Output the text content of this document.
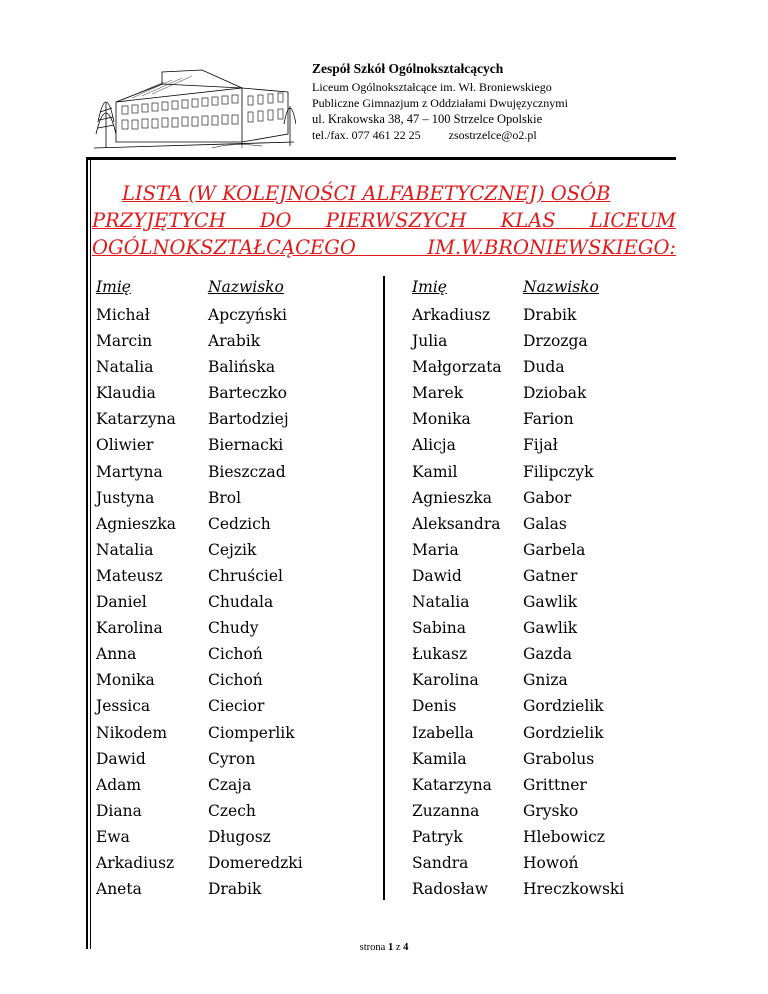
Zespół Szkół Ogólnokształcących
Liceum Ogólnokształcące im. Wł. Broniewskiego
Publiczne Gimnazjum z Oddziałami Dwujęzycznymi
ul. Krakowska 38, 47 – 100 Strzelce Opolskie
tel./fax. 077 461 22 25 zsostrzelce@o2.pl
LISTA (W KOLEJNOŚCI ALFABETYCZNEJ) OSÓB
PRZYJĘTYCH DO PIERWSZYCH KLAS LICEUM
OGÓLNOKSZTAŁCĄCEGO IM.W.BRONIEWSKIEGO:
Imię	Nazwisko
Michał	Apczyński
Marcin	Arabik
Natalia	Balińska
Klaudia	Barteczko
Katarzyna Bartodziej
Oliwier	Biernacki
Martyna	Bieszczad
Justyna	Brol
Agnieszka Cedzich
Natalia	Cejzik
Mateusz	Chruściel
Daniel	Chudala
Karolina	Chudy
Anna	Cichoń
Monika	Cichoń
Jessica	Ciecior
Nikodem	Ciomperlik
Dawid	Cyron
Adam	Czaja
Diana	Czech
Ewa	Długosz
Arkadiusz Domeredzki
Aneta	Drabik
Imię	Nazwisko
Arkadiusz Drabik
Julia	Drzozga
Małgorzata Duda
Marek	Dziobak
Monika	Farion
Alicja	Fijał
Kamil	Filipczyk
Agnieszka Gabor
Aleksandra Galas
Maria	Garbela
Dawid	Gatner
Natalia	Gawlik
Sabina	Gawlik
Łukasz	Gazda
Karolina	Gniza
Denis	Gordzielik
Izabella	Gordzielik
Kamila	Grabolus
Katarzyna Grittner
Zuzanna	Grysko
Patryk	Hlebowicz
Sandra	Howoń
Radosław Hreczkowski
strona 1 z 4
